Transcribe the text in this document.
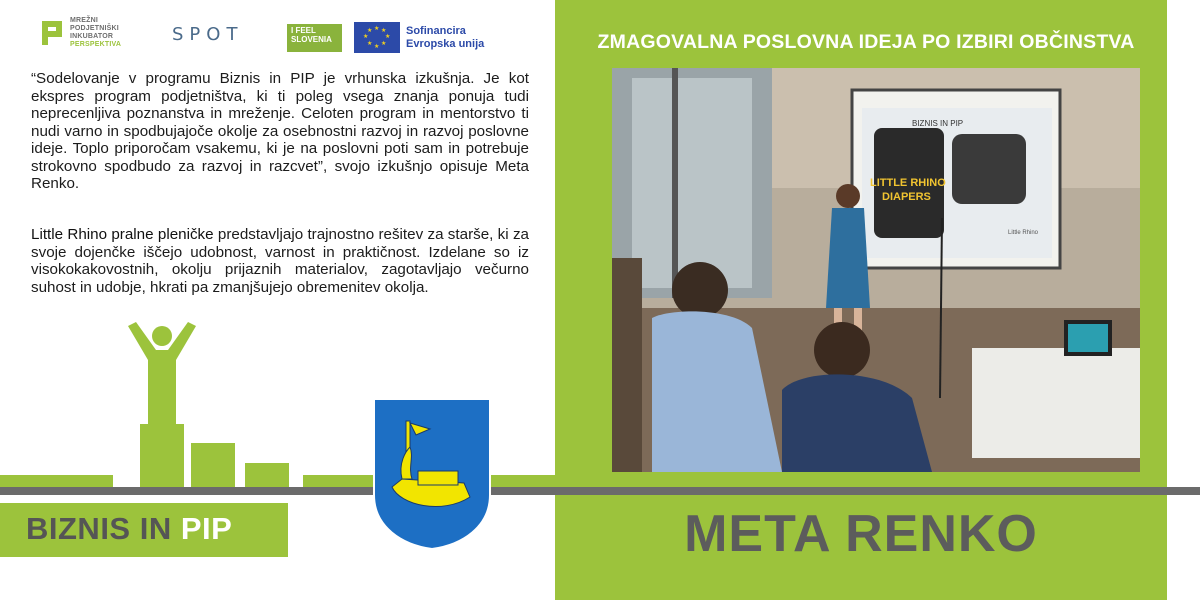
MREŽNI
PODJETNIŠKI
INKUBATOR
PERSPEKTIVA	SPOT	I FEEL
SLOVENIA
★ ★
★
★
★
★
★
★	Sofinancira
Evropska unija

“Sodelovanje v programu Biznis in PIP je vrhunska izkušnja. Je kot ekspres program podjetništva, ki ti poleg vsega znanja ponuja tudi neprecenljiva poznanstva in mreženje. Celoten program in mentorstvo ti nudi varno in spodbujajoče okolje za osebnostni razvoj in razvoj poslovne ideje. Toplo priporočam vsakemu, ki je na poslovni poti sam in potrebuje strokovno spodbudo za razvoj in razcvet”, svojo izkušnjo opisuje Meta Renko.

Little Rhino pralne pleničke predstavljajo trajnostno rešitev za starše, ki za svoje dojenčke iščejo udobnost, varnost in praktičnost. Izdelane so iz visokokakovostnih, okolju prijaznih materialov, zagotavljajo večurno suhost in udobje, hkrati pa zmanjšujejo obremenitev okolja.

BIZNIS IN PIP

ZMAGOVALNA POSLOVNA IDEJA PO IZBIRI OBČINSTVA
BIZNIS IN PIP
LITTLE RHINO
DIAPERS
Little Rhino

META RENKO
